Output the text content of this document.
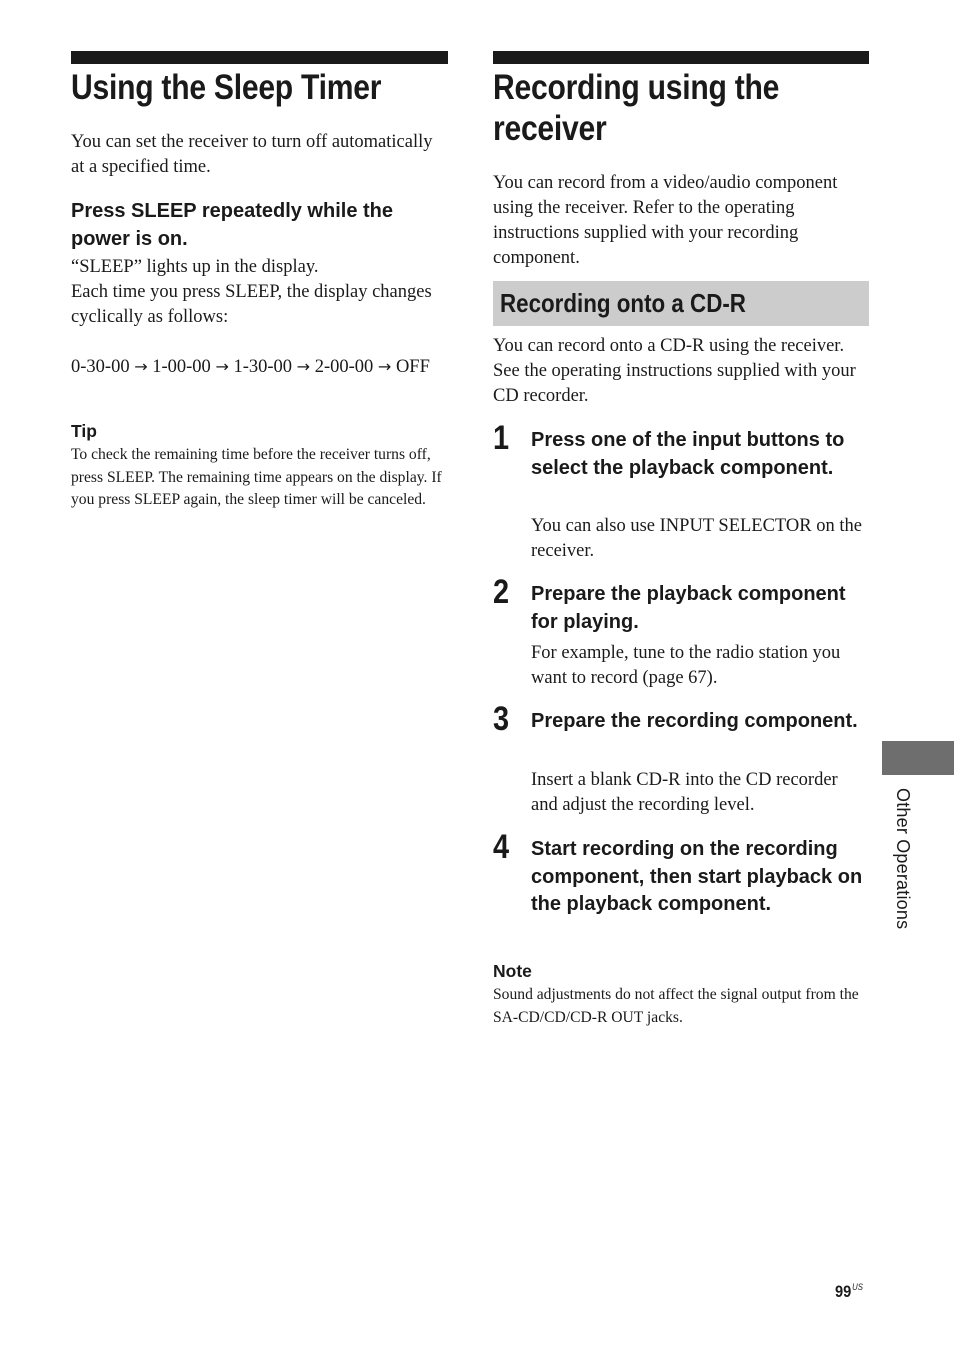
Using the Sleep Timer

You can set the receiver to turn off automatically at a specified time.

Press SLEEP repeatedly while the power is on.

“SLEEP” lights up in the display.

Each time you press SLEEP, the display changes cyclically as follows:

0-30-00 → 1-00-00 → 1-30-00 → 2-00-00 → OFF

Tip

To check the remaining time before the receiver turns off, press SLEEP. The remaining time appears on the display. If you press SLEEP again, the sleep timer will be canceled.

Recording using the receiver

You can record from a video/audio component using the receiver. Refer to the operating instructions supplied with your recording component.

Recording onto a CD-R

You can record onto a CD-R using the receiver. See the operating instructions supplied with your CD recorder.

1 Press one of the input buttons to select the playback component.

You can also use INPUT SELECTOR on the receiver.

2 Prepare the playback component for playing.

For example, tune to the radio station you want to record (page 67).

3 Prepare the recording component.

Insert a blank CD-R into the CD recorder and adjust the recording level.

4 Start recording on the recording component, then start playback on the playback component.

Note

Sound adjustments do not affect the signal output from the SA-CD/CD/CD-R OUT jacks.

Other Operations
$99^{US}$
